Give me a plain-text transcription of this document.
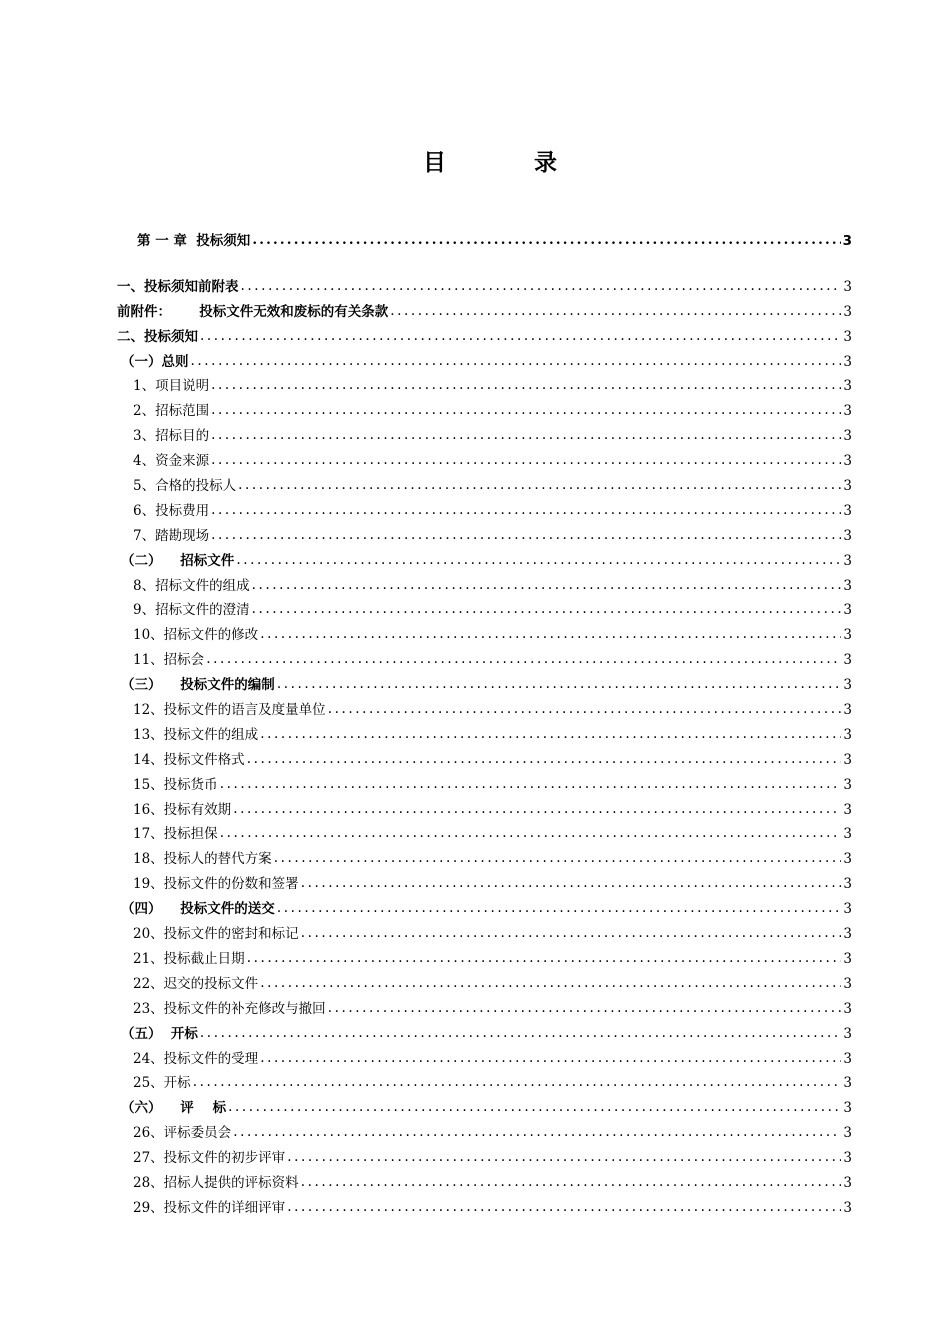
目  录
第 一 章  投标须知 .....	3
一、投标须知前附表 .....	3
前附件：      投标文件无效和废标的有关条款 .....	3
二、投标须知 .....	3
（一）总则 .....	3
1、项目说明 .....	3
2、招标范围 .....	3
3、招标目的 .....	3
4、资金来源 .....	3
5、合格的投标人 .....	3
6、投标费用 .....	3
7、踏勘现场 .....	3
（二）    招标文件 .....	3
8、招标文件的组成 .....	3
9、招标文件的澄清 .....	3
10、招标文件的修改 .....	3
11、招标会 .....	3
（三）    投标文件的编制 .....	3
12、投标文件的语言及度量单位 .....	3
13、投标文件的组成 .....	3
14、投标文件格式 .....	3
15、投标货币 .....	3
16、投标有效期 .....	3
17、投标担保 .....	3
18、投标人的替代方案 .....	3
19、投标文件的份数和签署 .....	3
（四）    投标文件的送交 .....	3
20、投标文件的密封和标记 .....	3
21、投标截止日期 .....	3
22、迟交的投标文件 .....	3
23、投标文件的补充修改与撤回 .....	3
（五）  开标 .....	3
24、投标文件的受理 .....	3
25、开标 .....	3
（六）    评    标 .....	3
26、评标委员会 .....	3
27、投标文件的初步评审 .....	3
28、招标人提供的评标资料 .....	3
29、投标文件的详细评审 .....	3
